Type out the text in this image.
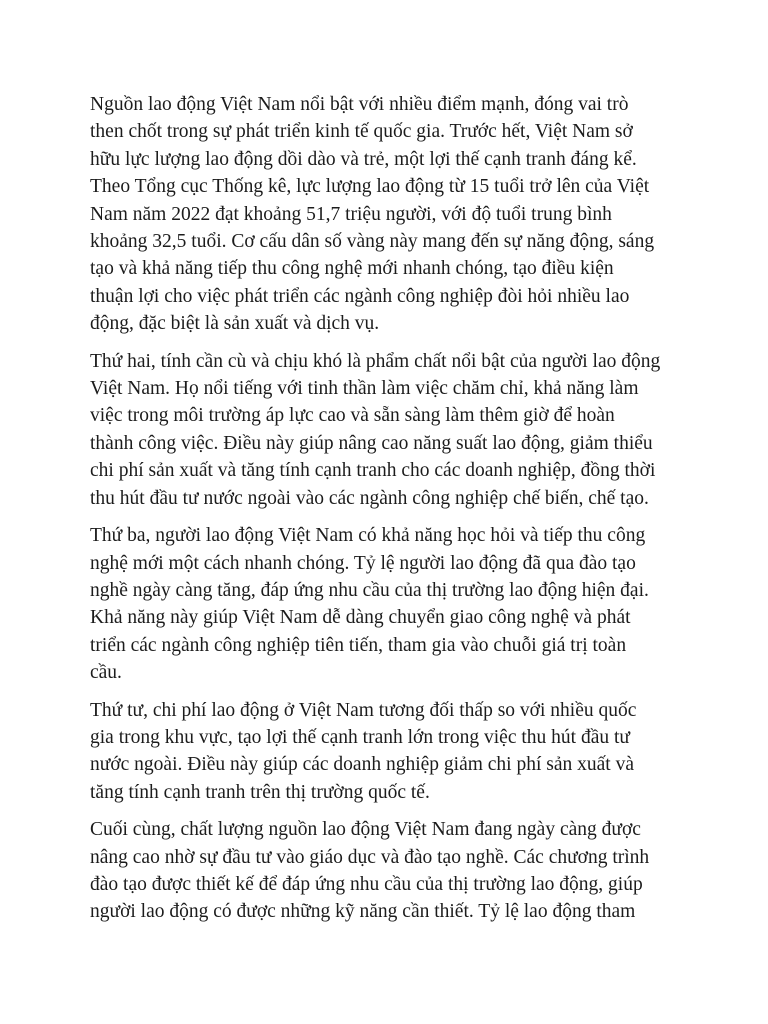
Nguồn lao động Việt Nam nổi bật với nhiều điểm mạnh, đóng vai trò
then chốt trong sự phát triển kinh tế quốc gia. Trước hết, Việt Nam sở
hữu lực lượng lao động dồi dào và trẻ, một lợi thế cạnh tranh đáng kể.
Theo Tổng cục Thống kê, lực lượng lao động từ 15 tuổi trở lên của Việt
Nam năm 2022 đạt khoảng 51,7 triệu người, với độ tuổi trung bình
khoảng 32,5 tuổi. Cơ cấu dân số vàng này mang đến sự năng động, sáng
tạo và khả năng tiếp thu công nghệ mới nhanh chóng, tạo điều kiện
thuận lợi cho việc phát triển các ngành công nghiệp đòi hỏi nhiều lao
động, đặc biệt là sản xuất và dịch vụ.

Thứ hai, tính cần cù và chịu khó là phẩm chất nổi bật của người lao động
Việt Nam. Họ nổi tiếng với tinh thần làm việc chăm chỉ, khả năng làm
việc trong môi trường áp lực cao và sẵn sàng làm thêm giờ để hoàn
thành công việc. Điều này giúp nâng cao năng suất lao động, giảm thiểu
chi phí sản xuất và tăng tính cạnh tranh cho các doanh nghiệp, đồng thời
thu hút đầu tư nước ngoài vào các ngành công nghiệp chế biến, chế tạo.

Thứ ba, người lao động Việt Nam có khả năng học hỏi và tiếp thu công
nghệ mới một cách nhanh chóng. Tỷ lệ người lao động đã qua đào tạo
nghề ngày càng tăng, đáp ứng nhu cầu của thị trường lao động hiện đại.
Khả năng này giúp Việt Nam dễ dàng chuyển giao công nghệ và phát
triển các ngành công nghiệp tiên tiến, tham gia vào chuỗi giá trị toàn
cầu.

Thứ tư, chi phí lao động ở Việt Nam tương đối thấp so với nhiều quốc
gia trong khu vực, tạo lợi thế cạnh tranh lớn trong việc thu hút đầu tư
nước ngoài. Điều này giúp các doanh nghiệp giảm chi phí sản xuất và
tăng tính cạnh tranh trên thị trường quốc tế.

Cuối cùng, chất lượng nguồn lao động Việt Nam đang ngày càng được
nâng cao nhờ sự đầu tư vào giáo dục và đào tạo nghề. Các chương trình
đào tạo được thiết kế để đáp ứng nhu cầu của thị trường lao động, giúp
người lao động có được những kỹ năng cần thiết. Tỷ lệ lao động tham
